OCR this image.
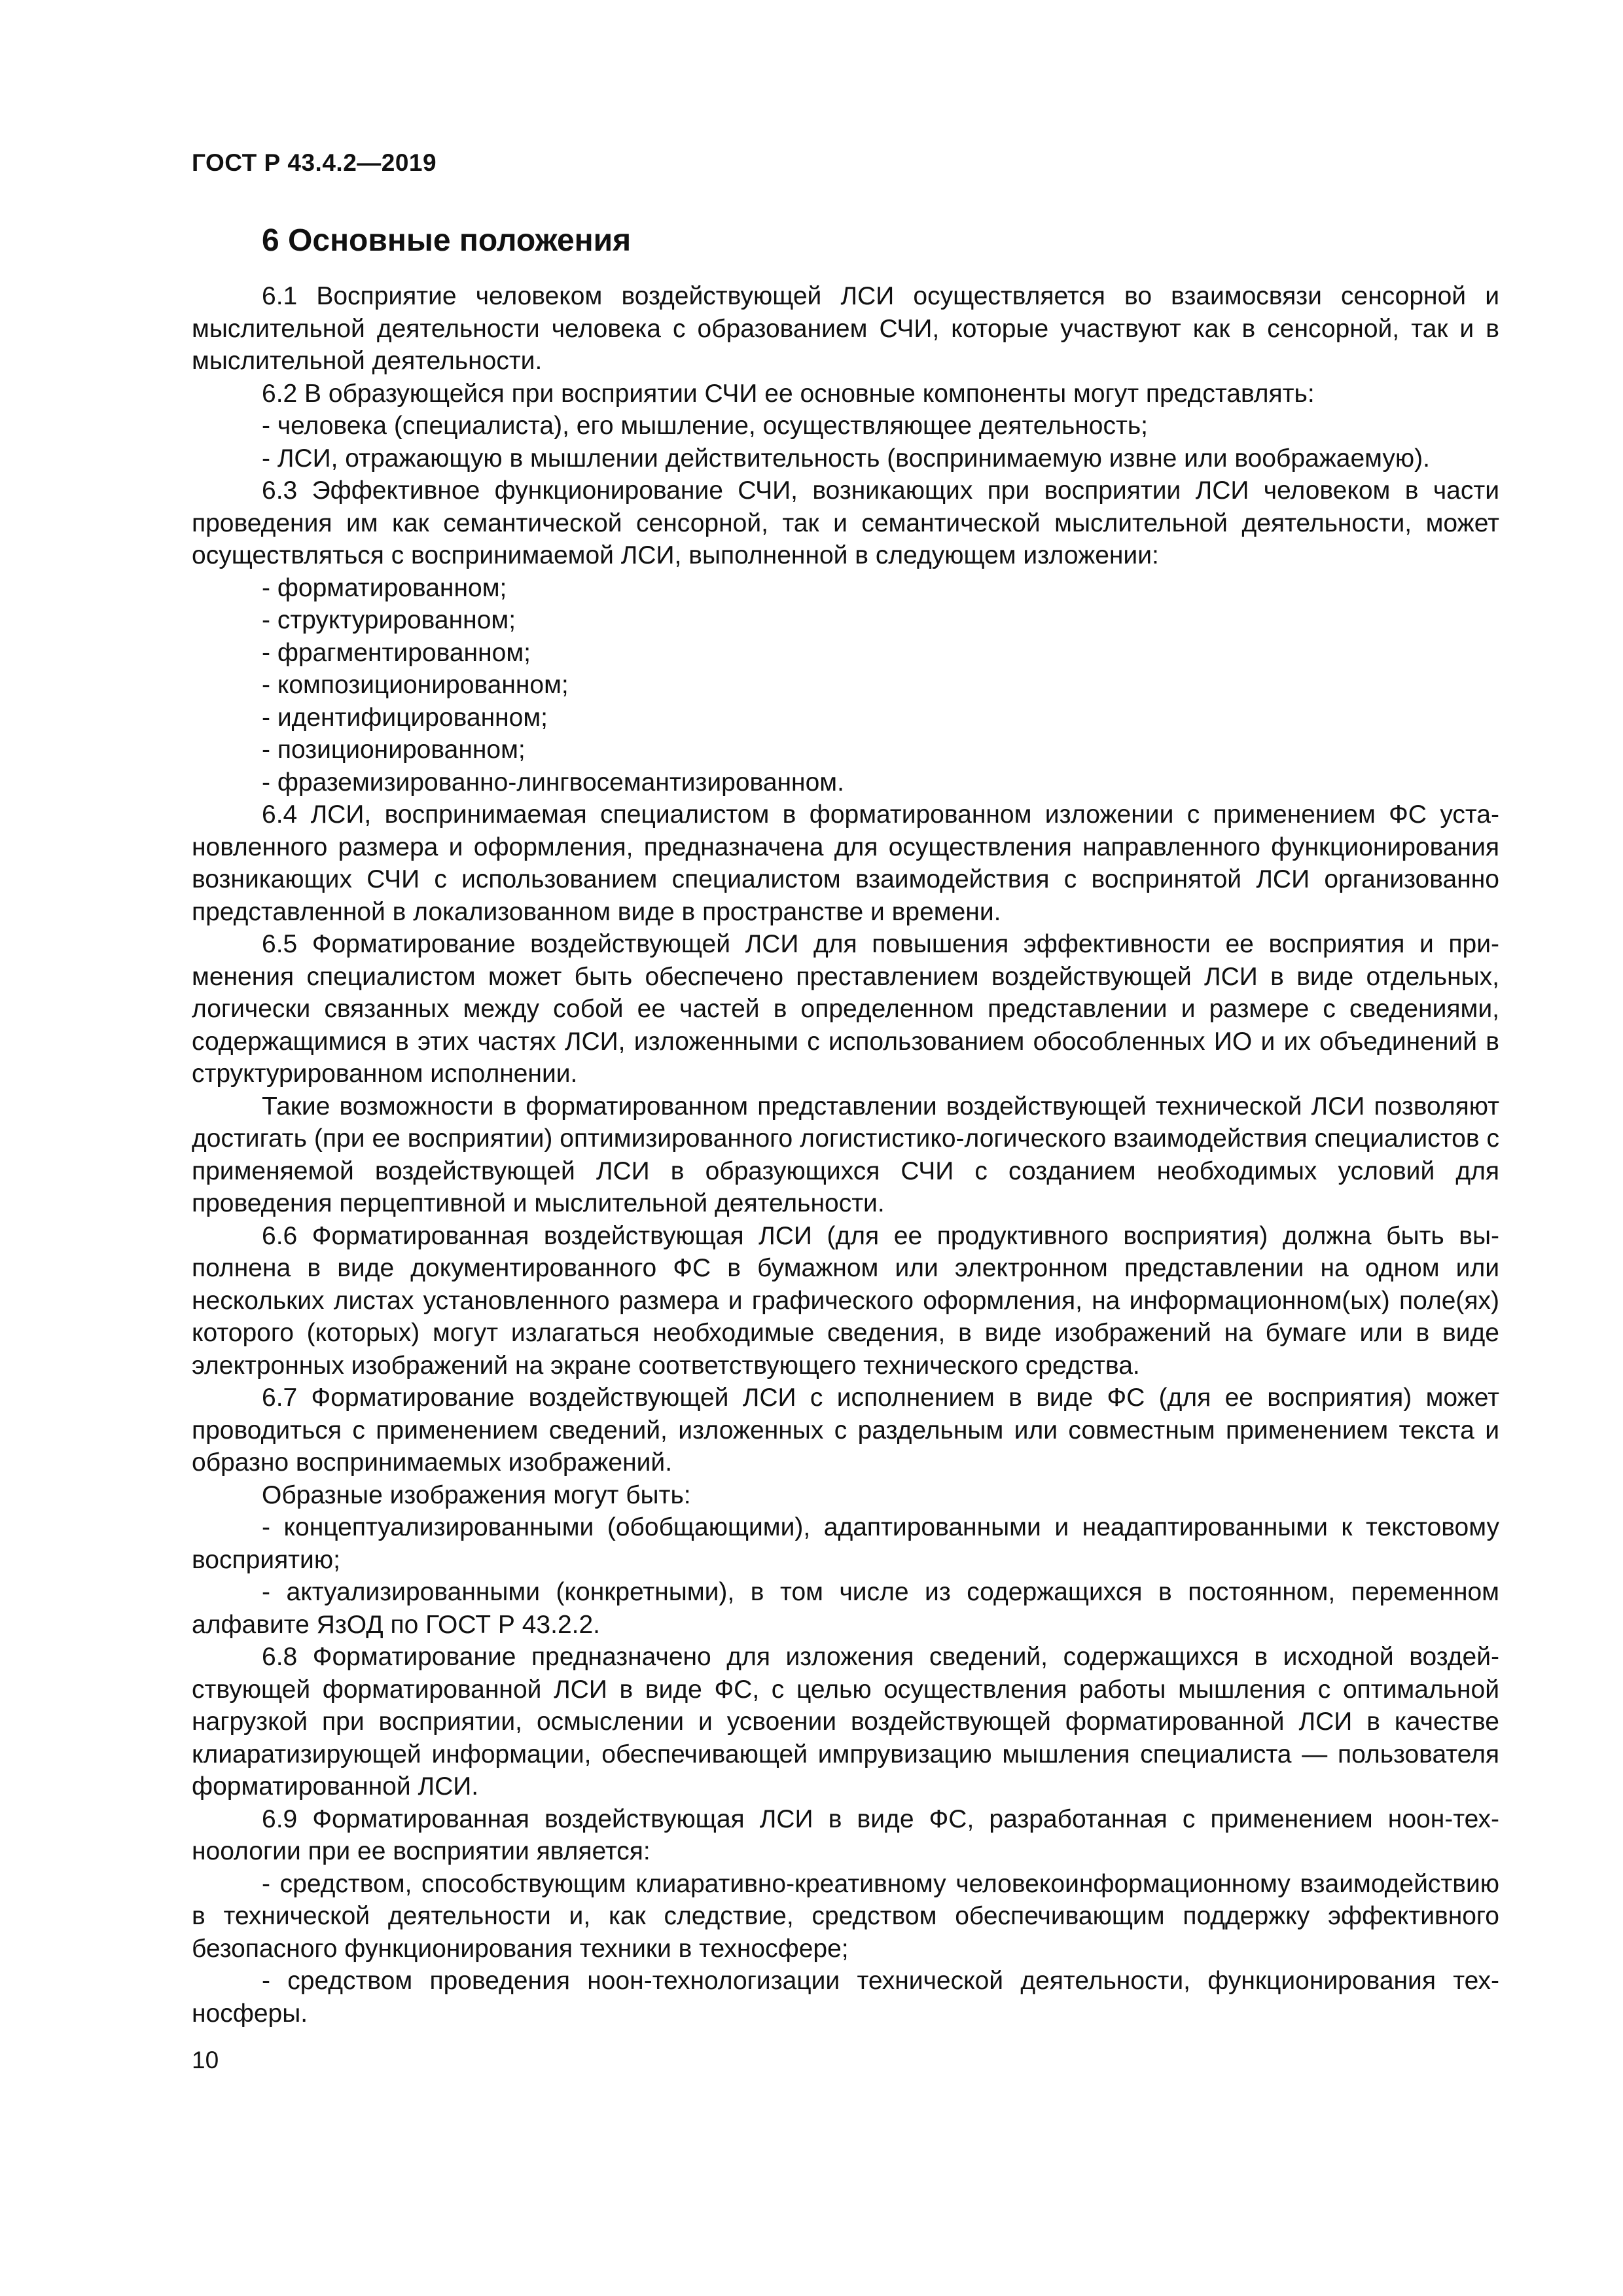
ГОСТ Р 43.4.2—2019
6 Основные положения

6.1 Восприятие человеком воздействующей ЛСИ осуществляется во взаимосвязи сенсорной и мыслительной деятельности человека с образованием СЧИ, которые участвуют как в сенсорной, так и в мыслительной деятельности.

6.2 В образующейся при восприятии СЧИ ее основные компоненты могут представлять:

- человека (специалиста), его мышление, осуществляющее деятельность;

- ЛСИ, отражающую в мышлении действительность (воспринимаемую извне или воображаемую).

6.3 Эффективное функционирование СЧИ, возникающих при восприятии ЛСИ человеком в части проведения им как семантической сенсорной, так и семантической мыслительной деятельности, может осуществляться с воспринимаемой ЛСИ, выполненной в следующем изложении:

- форматированном;

- структурированном;

- фрагментированном;

- композиционированном;

- идентифицированном;

- позиционированном;

- фраземизированно-лингвосемантизированном.

6.4 ЛСИ, воспринимаемая специалистом в форматированном изложении с применением ФС установленного размера и оформления, предназначена для осуществления направленного функционирования возникающих СЧИ с использованием специалистом взаимодействия с воспринятой ЛСИ организованно представленной в локализованном виде в пространстве и времени.

6.5 Форматирование воздействующей ЛСИ для повышения эффективности ее восприятия и применения специалистом может быть обеспечено преставлением воздействующей ЛСИ в виде отдельных, логически связанных между собой ее частей в определенном представлении и размере с сведениями, содержащимися в этих частях ЛСИ, изложенными с использованием обособленных ИО и их объединений в структурированном исполнении.

Такие возможности в форматированном представлении воздействующей технической ЛСИ позволяют достигать (при ее восприятии) оптимизированного логистистико-логического взаимодействия специалистов с применяемой воздействующей ЛСИ в образующихся СЧИ с созданием необходимых условий для проведения перцептивной и мыслительной деятельности.

6.6 Форматированная воздействующая ЛСИ (для ее продуктивного восприятия) должна быть выполнена в виде документированного ФС в бумажном или электронном представлении на одном или нескольких листах установленного размера и графического оформления, на информационном(ых) поле(ях) которого (которых) могут излагаться необходимые сведения, в виде изображений на бумаге или в виде электронных изображений на экране соответствующего технического средства.

6.7 Форматирование воздействующей ЛСИ с исполнением в виде ФС (для ее восприятия) может проводиться с применением сведений, изложенных с раздельным или совместным применением текста и образно воспринимаемых изображений.

Образные изображения могут быть:

- концептуализированными (обобщающими), адаптированными и неадаптированными к текстовому восприятию;

- актуализированными (конкретными), в том числе из содержащихся в постоянном, переменном алфавите ЯзОД по ГОСТ Р 43.2.2.

6.8 Форматирование предназначено для изложения сведений, содержащихся в исходной воздействующей форматированной ЛСИ в виде ФС, с целью осуществления работы мышления с оптимальной нагрузкой при восприятии, осмыслении и усвоении воздействующей форматированной ЛСИ в качестве клиаратизирующей информации, обеспечивающей импрувизацию мышления специалиста — пользователя форматированной ЛСИ.

6.9 Форматированная воздействующая ЛСИ в виде ФС, разработанная с применением ноон-техноологии при ее восприятии является:

- средством, способствующим клиаративно-креативному человекоинформационному взаимодействию в технической деятельности и, как следствие, средством обеспечивающим поддержку эффективного безопасного функционирования техники в техносфере;

- средством проведения ноон-технологизации технической деятельности, функционирования техносферы.

10
